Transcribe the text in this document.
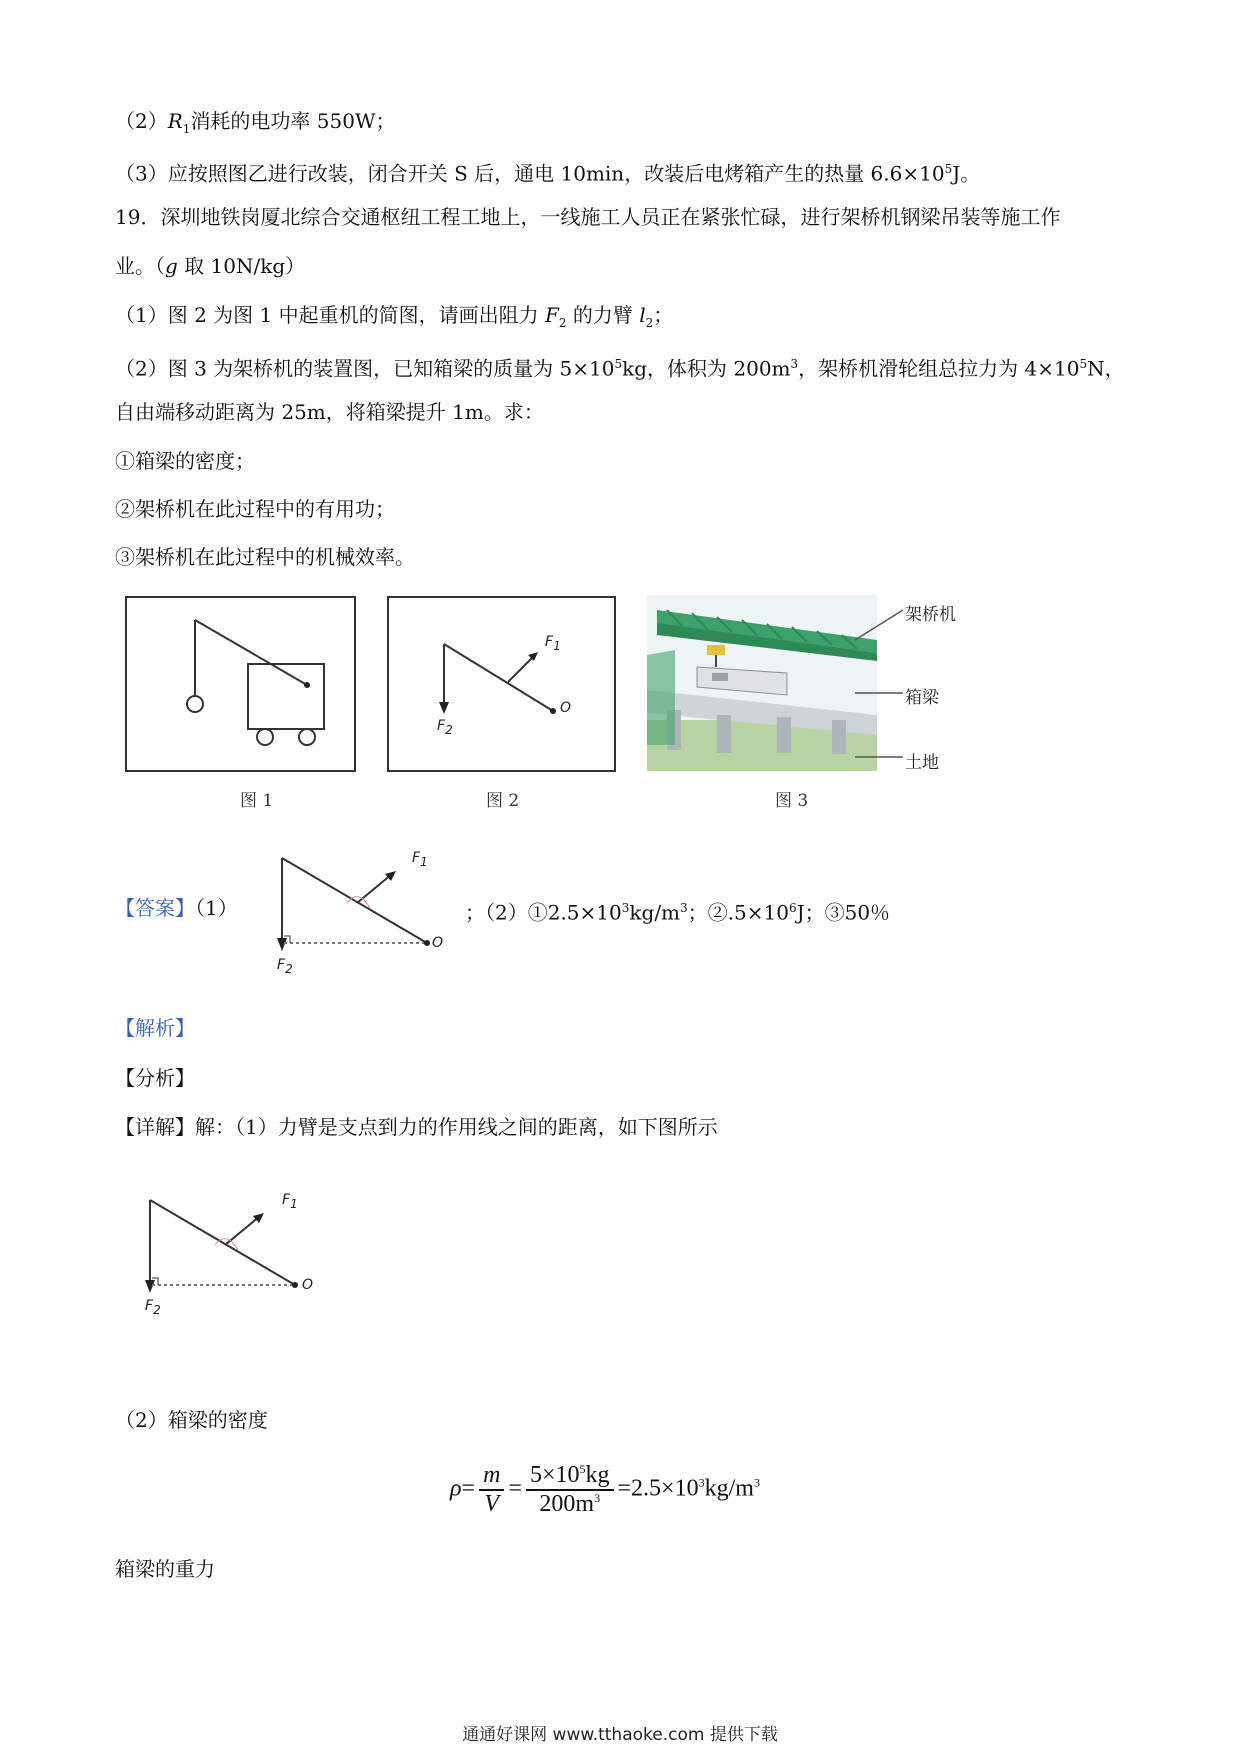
$(2)R_1$消耗的电功率 550W；
（3）应按照图乙进行改装，闭合开关 S 后，通电 10min，改装后电烤箱产生的热量 $6.6\times 10^5J$。
19．深圳地铁岗厦北综合交通枢纽工程工地上，一线施工人员正在紧张忙碌，进行架桥机钢梁吊装等施工作
业。（g 取 10N/kg）
（1）图 2 为图 1 中起重机的简图，请画出阻力 $F_2$ 的力臂 $l_2$；
（2）图 3 为架桥机的装置图，已知箱梁的质量为 $5\times 10^5kg$，体积为 $200m^3$，架桥机滑轮组总拉力为 $4\times 10^5N$，
自由端移动距离为 25m，将箱梁提升 1m。求：
①箱梁的密度；
②架桥机在此过程中的有用功；
③架桥机在此过程中的机械效率。
图 1
$F_1$
$F_2$
O
图 2
架桥机
箱梁
土地
图 3
【答案】（1）
$F_1$
$F_2$
O
；$(2)①2.5\times 10^3kg/m^3$；$②.5\times 10^6J$；③50％
【解析】
【分析】
【详解】解：（1）力臂是支点到力的作用线之间的距离，如下图所示
$F_1$
$F_2$
O
（2）箱梁的密度
$\rho= \frac{m}{V} = \frac{5\times 10^5kg}{200m^3} =2.5\times 10^3kg/m^3$
箱梁的重力
通通好课网 www.tthaoke.com 提供下载
